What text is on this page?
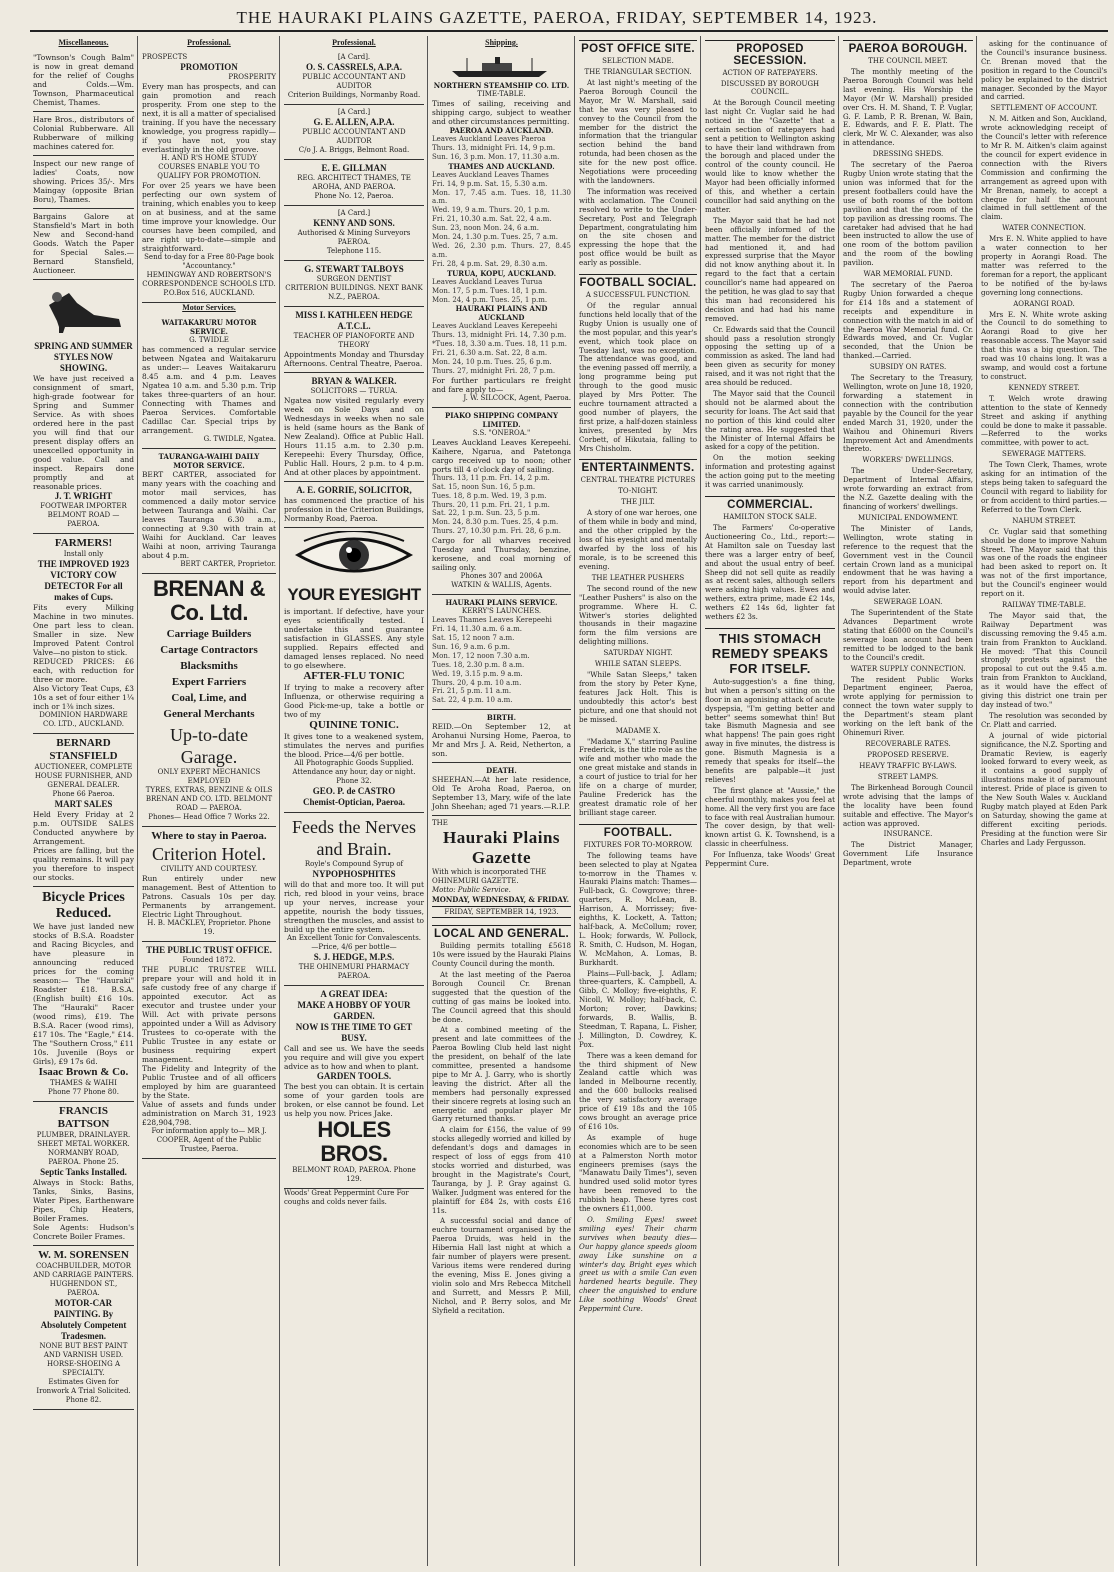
THE HAURAKI PLAINS GAZETTE, PAEROA, FRIDAY, SEPTEMBER 14, 1923.
Miscellaneous.

"Townson's Cough Balm" is now in great demand for the relief of Coughs and Colds.—Wm. Townson, Pharmaceutical Chemist, Thames.

Hare Bros., distributors of Colonial Rubberware. All Rubberware of milking machines catered for.

Inspect our new range of ladies' Coats, now showing. Prices 35/-. Mrs Maingay (opposite Brian Boru), Thames.

Bargains Galore at Stansfield's Mart in both New and Second-hand Goods. Watch the Paper for Special Sales.—Bernard Stansfield, Auctioneer.

SPRING AND SUMMER STYLES NOW SHOWING.

We have just received a consignment of smart, high-grade footwear for Spring and Summer Service. As with shoes ordered here in the past you will find that our present display offers an unexcelled opportunity in good value. Call and inspect. Repairs done promptly and at reasonable prices.

J. T. WRIGHT
FOOTWEAR IMPORTER
BELMONT ROAD — PAEROA.
FARMERS!
Install only
THE IMPROVED 1923 VICTORY COW DETECTOR For all makes of Cups.

Fits every Milking Machine in two minutes. One part less to clean. Smaller in size. New Improved Patent Control Valve—no piston to stick.

REDUCED PRICES: £6 each, with reduction for three or more.

Also Victory Teat Cups, £3 10s a set of four either 1¼ inch or 1⅜ inch sizes.

DOMINION HARDWARE CO. LTD., AUCKLAND.
BERNARD STANSFIELD
AUCTIONEER, COMPLETE HOUSE FURNISHER, AND GENERAL DEALER.
Phone 66 Paeroa.
MART SALES

Held Every Friday at 2 p.m. OUTSIDE SALES Conducted anywhere by Arrangement.

Prices are falling, but the quality remains. It will pay you therefore to inspect our stocks.

Bicycle Prices Reduced.

We have just landed new stocks of B.S.A. Roadster and Racing Bicycles, and have pleasure in announcing reduced prices for the coming season:— The "Hauraki" Roadster £18. B.S.A. (English built) £16 10s. The "Hauraki" Racer (wood rims), £19. The B.S.A. Racer (wood rims), £17 10s. The "Eagle," £14. The "Southern Cross," £11 10s. Juvenile (Boys or Girls), £9 17s 6d.

Isaac Brown & Co.
THAMES & WAIHI
Phone 77 Phone 80.
FRANCIS BATTSON
PLUMBER, DRAINLAYER. SHEET METAL WORKER.
NORMANBY ROAD, PAEROA. Phone 25.
Septic Tanks Installed.

Always in Stock: Baths, Tanks, Sinks, Basins, Water Pipes, Earthenware Pipes, Chip Heaters, Boiler Frames.

Sole Agents: Hudson's Concrete Boiler Frames.

W. M. SORENSEN
COACHBUILDER, MOTOR AND CARRIAGE PAINTERS. HUGHENDON ST., PAEROA.
MOTOR-CAR PAINTING. By Absolutely Competent Tradesmen.
NONE BUT BEST PAINT AND VARNISH USED.
HORSE-SHOEING A SPECIALTY.
Estimates Given for Ironwork A Trial Solicited.
Phone 82.
Professional.
PROSPECTS
PROMOTION
PROSPERITY

Every man has prospects, and can gain promotion and reach prosperity. From one step to the next, it is all a matter of specialised training. If you have the necessary knowledge, you progress rapidly—if you have not, you stay everlastingly in the old groove.

H. AND R'S HOME STUDY COURSES ENABLE YOU TO QUALIFY FOR PROMOTION.

For over 25 years we have been perfecting our own system of training, which enables you to keep on at business, and at the same time improve your knowledge. Our courses have been compiled, and are right up-to-date—simple and straightforward.

Send to-day for a Free 80-Page book "Accountancy."
HEMINGWAY AND ROBERTSON'S CORRESPONDENCE SCHOOLS LTD. P.O.Box 516, AUCKLAND.
Motor Services.
WAITAKARURU MOTOR SERVICE.
G. TWIDLE

has commenced a regular service between Ngatea and Waitakaruru as under:— Leaves Waitakaruru 8.45 a.m. and 4 p.m. Leaves Ngatea 10 a.m. and 5.30 p.m. Trip takes three-quarters of an hour. Connecting with Thames and Paeroa Services. Comfortable Cadillac Car. Special trips by arrangement.

G. TWIDLE, Ngatea.
TAURANGA-WAIHI DAILY MOTOR SERVICE.

BERT CARTER, associated for many years with the coaching and motor mail services, has commenced a daily motor service between Tauranga and Waihi. Car leaves Tauranga 6.30 a.m., connecting at 9.30 with train at Waihi for Auckland. Car leaves Waihi at noon, arriving Tauranga about 4 p.m.

BERT CARTER, Proprietor.
BRENAN & Co. Ltd.
Carriage Builders
Cartage Contractors
Blacksmiths
Expert Farriers
Coal, Lime, and
General Merchants
Up-to-date Garage.
ONLY EXPERT MECHANICS EMPLOYED
TYRES, EXTRAS, BENZINE & OILS
BRENAN AND CO. LTD. BELMONT ROAD — PAEROA.
Phones— Head Office 7 Works 22.
Where to stay in Paeroa.
Criterion Hotel.
CIVILITY AND COURTESY.

Run entirely under new management. Best of Attention to Patrons. Casuals 10s per day. Permanents by arrangement. Electric Light Throughout.

H. B. MACKLEY, Proprietor. Phone 19.
THE PUBLIC TRUST OFFICE.
Founded 1872.

THE PUBLIC TRUSTEE WILL prepare your will and hold it in safe custody free of any charge if appointed executor. Act as executor and trustee under your Will. Act with private persons appointed under a Will as Advisory Trustees to co-operate with the Public Trustee in any estate or business requiring expert management.

The Fidelity and Integrity of the Public Trustee and of all officers employed by him are guaranteed by the State.

Value of assets and funds under administration on March 31, 1923 £28,904,798.

For information apply to— MR J. COOPER, Agent of the Public Trustee, Paeroa.
Professional.
[A Card].
O. S. CASSRELS, A.P.A.
PUBLIC ACCOUNTANT AND AUDITOR
Criterion Buildings, Normanby Road.
[A Card.]
G. E. ALLEN, A.P.A.
PUBLIC ACCOUNTANT AND AUDITOR
C/o J. A. Briggs, Belmont Road.
E. E. GILLMAN
REG. ARCHITECT THAMES, TE AROHA, AND PAEROA.
Phone No. 12, Paeroa.
[A Card.]
KENNY AND SONS.
Authorised & Mining Surveyors PAEROA.
Telephone 115.
G. STEWART TALBOYS
SURGEON DENTIST
CRITERION BUILDINGS. NEXT BANK N.Z., PAEROA.
MISS I. KATHLEEN HEDGE A.T.C.L.
TEACHER OF PIANOFORTE AND THEORY

Appointments Monday and Thursday Afternoons. Central Theatre, Paeroa.

BRYAN & WALKER.
SOLICITORS — TURUA.

Ngatea now visited regularly every week on Sole Days and on Wednesdays in weeks when no sale is held (same hours as the Bank of New Zealand). Office at Public Hall. Hours 11.15 a.m. to 2.30 p.m. Kerepeehi: Every Thursday, Office, Public Hall. Hours, 2 p.m. to 4 p.m. And at other places by appointment.

A. E. GORRIE, SOLICITOR,

has commenced the practice of his profession in the Criterion Buildings, Normanby Road, Paeroa.

YOUR EYESIGHT

is important. If defective, have your eyes scientifically tested. I undertake this and guarantee satisfaction in GLASSES. Any style supplied. Repairs effected and damaged lenses replaced. No need to go elsewhere.

AFTER-FLU TONIC

If trying to make a recovery after Influenza, or otherwise requiring a Good Pick-me-up, take a bottle or two of my

QUININE TONIC.

It gives tone to a weakened system, stimulates the nerves and purifies the blood. Price—4/6 per bottle.

All Photographic Goods Supplied.
Attendance any hour, day or night. Phone 32.
GEO. P. de CASTRO
Chemist-Optician, Paeroa.
Feeds the Nerves and Brain.
Royle's Compound Syrup of
NYPOPHOSPHITES

will do that and more too. It will put rich, red blood in your veins, brace up your nerves, increase your appetite, nourish the body tissues, strengthen the muscles, and assist to build up the entire system.

An Excellent Tonic for Convalescents.
—Price, 4/6 per bottle—
S. J. HEDGE, M.P.S.
THE OHINEMURI PHARMACY PAEROA.
A GREAT IDEA:
MAKE A HOBBY OF YOUR GARDEN.
NOW IS THE TIME TO GET BUSY.

Call and see us. We have the seeds you require and will give you expert advice as to how and when to plant.

GARDEN TOOLS.

The best you can obtain. It is certain some of your garden tools are broken, or else cannot be found. Let us help you now. Prices Jake.

HOLES BROS.
BELMONT ROAD, PAEROA. Phone 129.
Woods' Great Peppermint Cure For coughs and colds never fails.
Shipping.
NORTHERN STEAMSHIP CO. LTD.
TIME-TABLE.

Times of sailing, receiving and shipping cargo, subject to weather and other circumstances permitting.

PAEROA AND AUCKLAND.
Leaves Auckland Leaves Paeroa
Thurs. 13, midnight Fri. 14, 9 p.m.
Sun. 16, 3 p.m. Mon. 17, 11.30 a.m.
THAMES AND AUCKLAND.
Leaves Auckland Leaves Thames
Fri. 14, 9 p.m. Sat. 15, 5.30 a.m.
Mon. 17, 7.45 a.m. Tues. 18, 11.30 a.m.
Wed. 19, 9 a.m. Thurs. 20, 1 p.m.
Fri. 21, 10.30 a.m. Sat. 22, 4 a.m.
Sun. 23, noon Mon. 24, 6 a.m.
Mon. 24, 1.30 p.m. Tues. 25, 7 a.m.
Wed. 26, 2.30 p.m. Thurs. 27, 8.45 a.m.
Fri. 28, 4 p.m. Sat. 29, 8.30 a.m.
TURUA, KOPU, AUCKLAND.
Leaves Auckland Leaves Turua
Mon. 17, 5 p.m. Tues. 18, 1 p.m.
Mon. 24, 4 p.m. Tues. 25, 1 p.m.
HAURAKI PLAINS AND AUCKLAND
Leaves Auckland Leaves Kerepeehi
Thurs. 13, midnight Fri. 14, 7.30 p.m.
*Tues. 18, 3.30 a.m. Tues. 18, 11 p.m.
Fri. 21, 6.30 a.m. Sat. 22, 8 a.m.
Mon. 24, 10 p.m. Tues. 25, 6 p.m.
Thurs. 27, midnight Fri. 28, 7 p.m.

For further particulars re freight and fare apply to—

J. W. SILCOCK, Agent, Paeroa.
PIAKO SHIPPING COMPANY LIMITED.
S.S. "ONEROA."

Leaves Auckland Leaves Kerepeehi. Kaihere, Ngarua, and Patetonga cargo received up to noon; other ports till 4 o'clock day of sailing.

Thurs. 13, 11 p.m. Fri. 14, 2 p.m.
Sat. 15, noon Sun. 16, 5 p.m.
Tues. 18, 8 p.m. Wed. 19, 3 p.m.
Thurs. 20, 11 p.m. Fri. 21, 1 p.m.
Sat. 22, 1 p.m. Sun. 23, 5 p.m.
Mon. 24, 8.30 p.m. Tues. 25, 4 p.m.
Thurs. 27, 10.30 p.m. Fri. 28, 6 p.m.

Cargo for all wharves received Tuesday and Thursday, benzine, kerosene, and coal morning of sailing only.

Phones 307 and 2006A
WATKIN & WALLIS, Agents.
HAURAKI PLAINS SERVICE.
KERRY'S LAUNCHES.
Leaves Thames Leaves Kerepeehi
Fri. 14, 11.30 a.m. 6 a.m.
Sat. 15, 12 noon 7 a.m.
Sun. 16, 9 a.m. 6 p.m.
Mon. 17, 12 noon 7.30 a.m.
Tues. 18, 2.30 p.m. 8 a.m.
Wed. 19, 3.15 p.m. 9 a.m.
Thurs. 20, 4 p.m. 10 a.m.
Fri. 21, 5 p.m. 11 a.m.
Sat. 22, 4 p.m. 10 a.m.
BIRTH.

REID.—On September 12, at Arohanui Nursing Home, Paeroa, to Mr and Mrs J. A. Reid, Netherton, a son.

DEATH.

SHEEHAN.—At her late residence, Old Te Aroha Road, Paeroa, on September 13, Mary, wife of the late John Sheehan; aged 71 years.—R.I.P.

THE
Hauraki Plains Gazette
With which is incorporated THE OHINEMURI GAZETTE.
Motto: Public Service.
MONDAY, WEDNESDAY, & FRIDAY.
FRIDAY, SEPTEMBER 14, 1923.
LOCAL AND GENERAL.

Building permits totalling £5618 10s were issued by the Hauraki Plains County Council during the month.

At the last meeting of the Paeroa Borough Council Cr. Brenan suggested that the question of the cutting of gas mains be looked into. The Council agreed that this should be done.

At a combined meeting of the present and late committees of the Paeroa Bowling Club held last night the president, on behalf of the late committee, presented a handsome pipe to Mr A. J. Garry, who is shortly leaving the district. After all the members had personally expressed their sincere regrets at losing such an energetic and popular player Mr Garry returned thanks.

A claim for £156, the value of 99 stocks allegedly worried and killed by defendant's dogs and damages in respect of loss of eggs from 410 stocks worried and disturbed, was brought in the Magistrate's Court, Tauranga, by J. P. Gray against G. Walker. Judgment was entered for the plaintiff for £84 2s, with costs £16 11s.

A successful social and dance of euchre tournament organised by the Paeroa Druids, was held in the Hibernia Hall last night at which a fair number of players were present. Various items were rendered during the evening, Miss E. Jones giving a violin solo and Mrs Rebecca Mitchell and Surrett, and Messrs P. Mill, Nichol, and P. Berry solos, and Mr Slyfield a recitation.

POST OFFICE SITE.
SELECTION MADE.
THE TRIANGULAR SECTION.

At last night's meeting of the Paeroa Borough Council the Mayor, Mr W. Marshall, said that he was very pleased to convey to the Council from the member for the district the information that the triangular section behind the band rotunda, had been chosen as the site for the new post office. Negotiations were proceeding with the landowners.

The information was received with acclamation. The Council resolved to write to the Under-Secretary, Post and Telegraph Department, congratulating him on the site chosen and expressing the hope that the post office would be built as early as possible.

FOOTBALL SOCIAL.
A SUCCESSFUL FUNCTION.

Of the regular annual functions held locally that of the Rugby Union is usually one of the most popular, and this year's event, which took place on Tuesday last, was no exception. The attendance was good, and the evening passed off merrily, a long programme being put through to the good music played by Mrs Potter. The euchre tournament attracted a good number of players, the first prize, a half-dozen stainless knives, presented by Mrs Corbett, of Hikutaia, falling to Mrs Chisholm.

ENTERTAINMENTS.
CENTRAL THEATRE PICTURES
TO-NIGHT.
THE JILT.

A story of one war heroes, one of them while in body and mind, and the other crippled by the loss of his eyesight and mentally dwarfed by the loss of his morale, is to be screened this evening.

THE LEATHER PUSHERS

The second round of the new "Leather Pushers" is also on the programme. Where H. C. Witwer's stories delighted thousands in their magazine form the film versions are delighting millions.

SATURDAY NIGHT.
WHILE SATAN SLEEPS.

"While Satan Sleeps," taken from the story by Peter Kyne, features Jack Holt. This is undoubtedly this actor's best picture, and one that should not be missed.

MADAME X.

"Madame X," starring Pauline Frederick, is the title role as the wife and mother who made the one great mistake and stands in a court of justice to trial for her life on a charge of murder, Pauline Frederick has the greatest dramatic role of her brilliant stage career.

FOOTBALL.
FIXTURES FOR TO-MORROW.

The following teams have been selected to play at Ngatea to-morrow in the Thames v. Hauraki Plains match: Thames—Full-back, G. Cowgrove; three-quarters, R. McLean, B. Harrison, A. Morrissey; five-eighths, K. Lockett, A. Tatton; half-back, A. McCollum; rover, L. Hook; forwards, W. Pollock, R. Smith, C. Hudson, M. Hogan, W. McMahon, A. Lomas, B. Burkhardt.

Plains—Full-back, J. Adlam; three-quarters, K. Campbell, A. Gibb, C. Molloy; five-eighths, F. Nicoll, W. Molloy; half-back, C. Morton; rover, Dawkins; forwards, B. Wallis, B. Steedman, T. Rapana, L. Fisher, J. Millington, D. Cowdrey, K. Pox.

There was a keen demand for the third shipment of New Zealand cattle which was landed in Melbourne recently, and the 600 bullocks realised the very satisfactory average price of £19 18s and the 105 cows brought an average price of £16 10s.

As example of huge economies which are to be seen at a Palmerston North motor engineers premises (says the "Manawatu Daily Times"), seven hundred used solid motor tyres have been removed to the rubbish heap. These tyres cost the owners £11,000.

O. Smiling Eyes! sweet smiling eyes! Their charm survives when beauty dies— Our happy glance speeds gloom away Like sunshine on a winter's day. Bright eyes which greet us with a smile Can even hardened hearts beguile. They cheer the anguished to endure Like soothing Woods' Great Peppermint Cure.

PROPOSED SECESSION.
ACTION OF RATEPAYERS.
DISCUSSED BY BOROUGH COUNCIL.

At the Borough Council meeting last night Cr. Vuglar said he had noticed in the "Gazette" that a certain section of ratepayers had sent a petition to Wellington asking to have their land withdrawn from the borough and placed under the control of the county council. He would like to know whether the Mayor had been officially informed of this, and whether a certain councillor had said anything on the matter.

The Mayor said that he had not been officially informed of the matter. The member for the district had mentioned it, and had expressed surprise that the Mayor did not know anything about it. In regard to the fact that a certain councillor's name had appeared on the petition, he was glad to say that this man had reconsidered his decision and had had his name removed.

Cr. Edwards said that the Council should pass a resolution strongly opposing the setting up of a commission as asked. The land had been given as security for money raised, and it was not right that the area should be reduced.

The Mayor said that the Council should not be alarmed about the security for loans. The Act said that no portion of this kind could alter the rating area. He suggested that the Minister of Internal Affairs be asked for a copy of the petition.

On the motion seeking information and protesting against the action going put to the meeting it was carried unanimously.

COMMERCIAL.
HAMILTON STOCK SALE.

The Farmers' Co-operative Auctioneering Co., Ltd., report:— At Hamilton sale on Tuesday last there was a larger entry of beef, and about the usual entry of beef. Sheep did not sell quite as readily as at recent sales, although sellers were asking high values. Ewes and wethers, extra prime, made £2 14s, wethers £2 14s 6d, lighter fat wethers £2 3s.

THIS STOMACH REMEDY SPEAKS FOR ITSELF.

Auto-suggestion's a fine thing, but when a person's sitting on the floor in an agonising attack of acute dyspepsia, "I'm getting better and better" seems somewhat thin! But take Bismuth Magnesia and see what happens! The pain goes right away in five minutes, the distress is gone. Bismuth Magnesia is a remedy that speaks for itself—the benefits are palpable—it just relieves!

The first glance at "Aussie," the cheerful monthly, makes you feel at home. All the very first you are face to face with real Australian humour. The cover design, by that well-known artist G. K. Townshend, is a classic in cheerfulness.

For Influenza, take Woods' Great Peppermint Cure.

PAEROA BOROUGH.
THE COUNCIL MEET.

The monthly meeting of the Paeroa Borough Council was held last evening. His Worship the Mayor (Mr W. Marshall) presided over Crs. H. M. Shand, T. P. Vuglar, G. F. Lamb, P. R. Brenan, W. Bain, E. Edwards, and F. E. Platt. The clerk, Mr W. C. Alexander, was also in attendance.

DRESSING SHEDS.

The secretary of the Paeroa Rugby Union wrote stating that the union was informed that for the present footballers could have the use of both rooms of the bottom pavilion and that the room of the top pavilion as dressing rooms. The caretaker had advised that he had been instructed to allow the use of one room of the bottom pavilion and the room of the bowling pavilion.

WAR MEMORIAL FUND.

The secretary of the Paeroa Rugby Union forwarded a cheque for £14 18s and a statement of receipts and expenditure in connection with the match in aid of the Paeroa War Memorial fund. Cr. Edwards moved, and Cr. Vuglar seconded, that the Union be thanked.—Carried.

SUBSIDY ON RATES.

The Secretary to the Treasury, Wellington, wrote on June 18, 1920, forwarding a statement in connection with the contribution payable by the Council for the year ended March 31, 1920, under the Waihou and Ohinemuri Rivers Improvement Act and Amendments thereto.

WORKERS' DWELLINGS.

The Under-Secretary, Department of Internal Affairs, wrote forwarding an extract from the N.Z. Gazette dealing with the financing of workers' dwellings.

MUNICIPAL ENDOWMENT.

The Minister of Lands, Wellington, wrote stating in reference to the request that the Government vest in the Council certain Crown land as a municipal endowment that he was having a report from his department and would advise later.

SEWERAGE LOAN.

The Superintendent of the State Advances Department wrote stating that £6000 on the Council's sewerage loan account had been remitted to be lodged to the bank to the Council's credit.

WATER SUPPLY CONNECTION.

The resident Public Works Department engineer, Paeroa, wrote applying for permission to connect the town water supply to the Department's steam plant working on the left bank of the Ohinemuri River.

RECOVERABLE RATES.
PROPOSED RESERVE.
HEAVY TRAFFIC BY-LAWS.
STREET LAMPS.

The Birkenhead Borough Council wrote advising that the lamps of the locality have been found suitable and effective. The Mayor's action was approved.

INSURANCE.

The District Manager, Government Life Insurance Department, wrote

asking for the continuance of the Council's insurance business. Cr. Brenan moved that the position in regard to the Council's policy be explained to the district manager. Seconded by the Mayor and carried.

SETTLEMENT OF ACCOUNT.

N. M. Aitken and Son, Auckland, wrote acknowledging receipt of the Council's letter with reference to Mr R. M. Aitken's claim against the council for expert evidence in connection with the Rivers Commission and confirming the arrangement as agreed upon with Mr Brenan, namely, to accept a cheque for half the amount claimed in full settlement of the claim.

WATER CONNECTION.

Mrs E. N. White applied to have a water connection to her property in Aorangi Road. The matter was referred to the foreman for a report, the applicant to be notified of the by-laws governing long connections.

AORANGI ROAD.

Mrs E. N. White wrote asking the Council to do something to Aorangi Road to give her reasonable access. The Mayor said that this was a big question. The road was 10 chains long. It was a swamp, and would cost a fortune to construct.

KENNEDY STREET.

T. Welch wrote drawing attention to the state of Kennedy Street and asking if anything could be done to make it passable.—Referred to the works committee, with power to act.

SEWERAGE MATTERS.

The Town Clerk, Thames, wrote asking for an intimation of the steps being taken to safeguard the Council with regard to liability for or from accident to third parties.—Referred to the Town Clerk.

NAHUM STREET.

Cr. Vuglar said that something should be done to improve Nahum Street. The Mayor said that this was one of the roads the engineer had been asked to report on. It was not of the first importance, but the Council's engineer would report on it.

RAILWAY TIME-TABLE.

The Mayor said that, the Railway Department was discussing removing the 9.45 a.m. train from Frankton to Auckland. He moved: "That this Council strongly protests against the proposal to cut out the 9.45 a.m. train from Frankton to Auckland, as it would have the effect of giving this district one train per day instead of two."

The resolution was seconded by Cr. Platt and carried.

A journal of wide pictorial significance, the N.Z. Sporting and Dramatic Review, is eagerly looked forward to every week, as it contains a good supply of illustrations make it of paramount interest. Pride of place is given to the New South Wales v. Auckland Rugby match played at Eden Park on Saturday, showing the game at different exciting periods. Presiding at the function were Sir Charles and Lady Fergusson.
